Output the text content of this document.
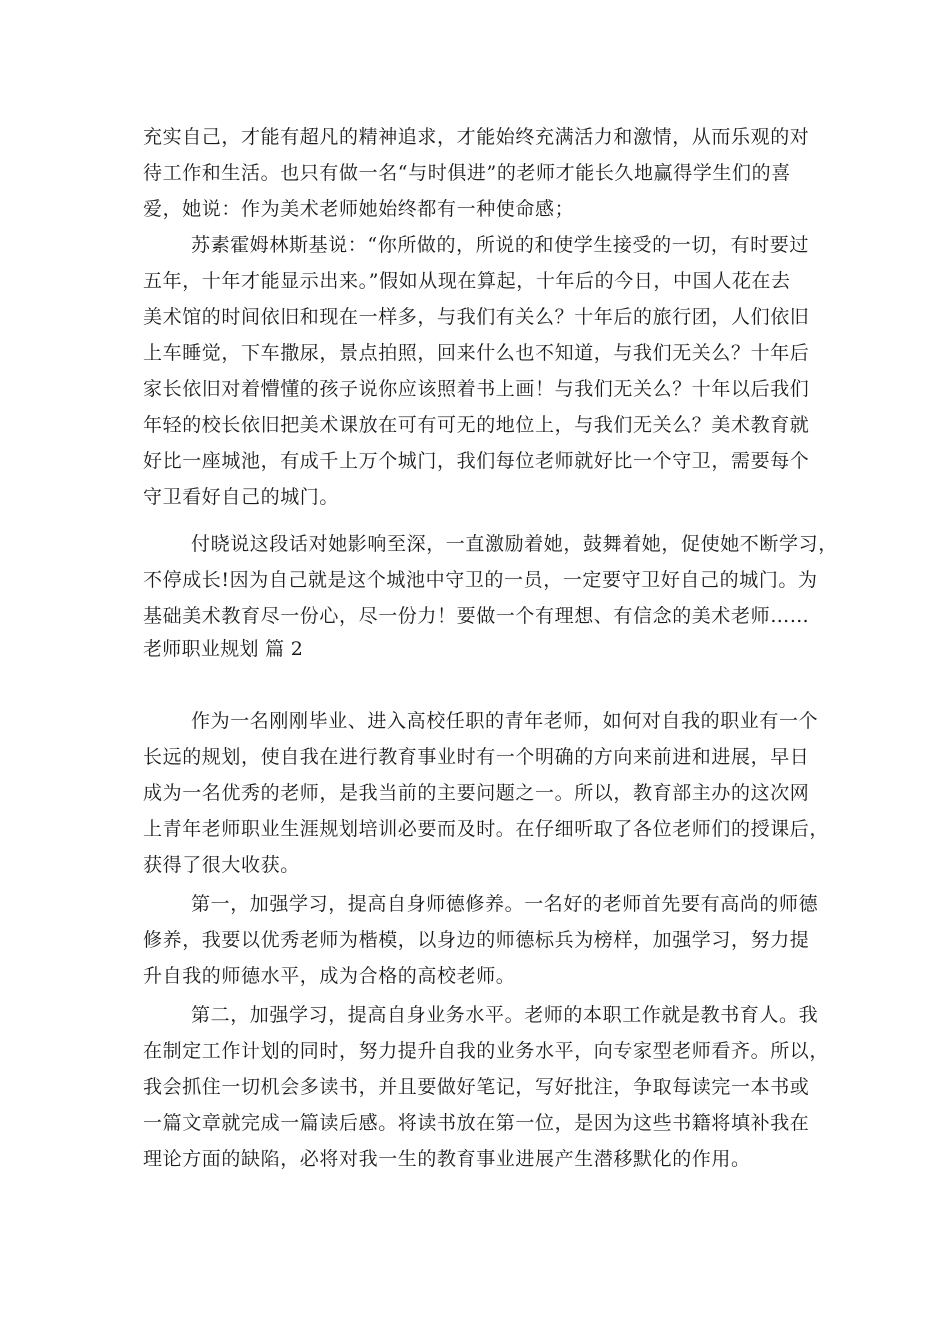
充实自己，才能有超凡的精神追求，才能始终充满活力和激情，从而乐观的对
待工作和生活。也只有做一名“与时俱进”的老师才能长久地赢得学生们的喜
爱，她说：作为美术老师她始终都有一种使命感；
苏素霍姆林斯基说：“你所做的，所说的和使学生接受的一切，有时要过
五年，十年才能显示出来。”假如从现在算起，十年后的今日，中国人花在去
美术馆的时间依旧和现在一样多，与我们有关么？十年后的旅行团，人们依旧
上车睡觉，下车撒尿，景点拍照，回来什么也不知道，与我们无关么？十年后
家长依旧对着懵懂的孩子说你应该照着书上画！与我们无关么？十年以后我们
年轻的校长依旧把美术课放在可有可无的地位上，与我们无关么？美术教育就
好比一座城池，有成千上万个城门，我们每位老师就好比一个守卫，需要每个
守卫看好自己的城门。
付晓说这段话对她影响至深，一直激励着她，鼓舞着她，促使她不断学习，
不停成长!因为自己就是这个城池中守卫的一员，一定要守卫好自己的城门。为
基础美术教育尽一份心，尽一份力！要做一个有理想、有信念的美术老师……
老师职业规划 篇 2
作为一名刚刚毕业、进入高校任职的青年老师，如何对自我的职业有一个
长远的规划，使自我在进行教育事业时有一个明确的方向来前进和进展，早日
成为一名优秀的老师，是我当前的主要问题之一。所以，教育部主办的这次网
上青年老师职业生涯规划培训必要而及时。在仔细听取了各位老师们的授课后，
获得了很大收获。
第一，加强学习，提高自身师德修养。一名好的老师首先要有高尚的师德
修养，我要以优秀老师为楷模，以身边的师德标兵为榜样，加强学习，努力提
升自我的师德水平，成为合格的高校老师。
第二，加强学习，提高自身业务水平。老师的本职工作就是教书育人。我
在制定工作计划的同时，努力提升自我的业务水平，向专家型老师看齐。所以，
我会抓住一切机会多读书，并且要做好笔记，写好批注，争取每读完一本书或
一篇文章就完成一篇读后感。将读书放在第一位，是因为这些书籍将填补我在
理论方面的缺陷，必将对我一生的教育事业进展产生潜移默化的作用。
